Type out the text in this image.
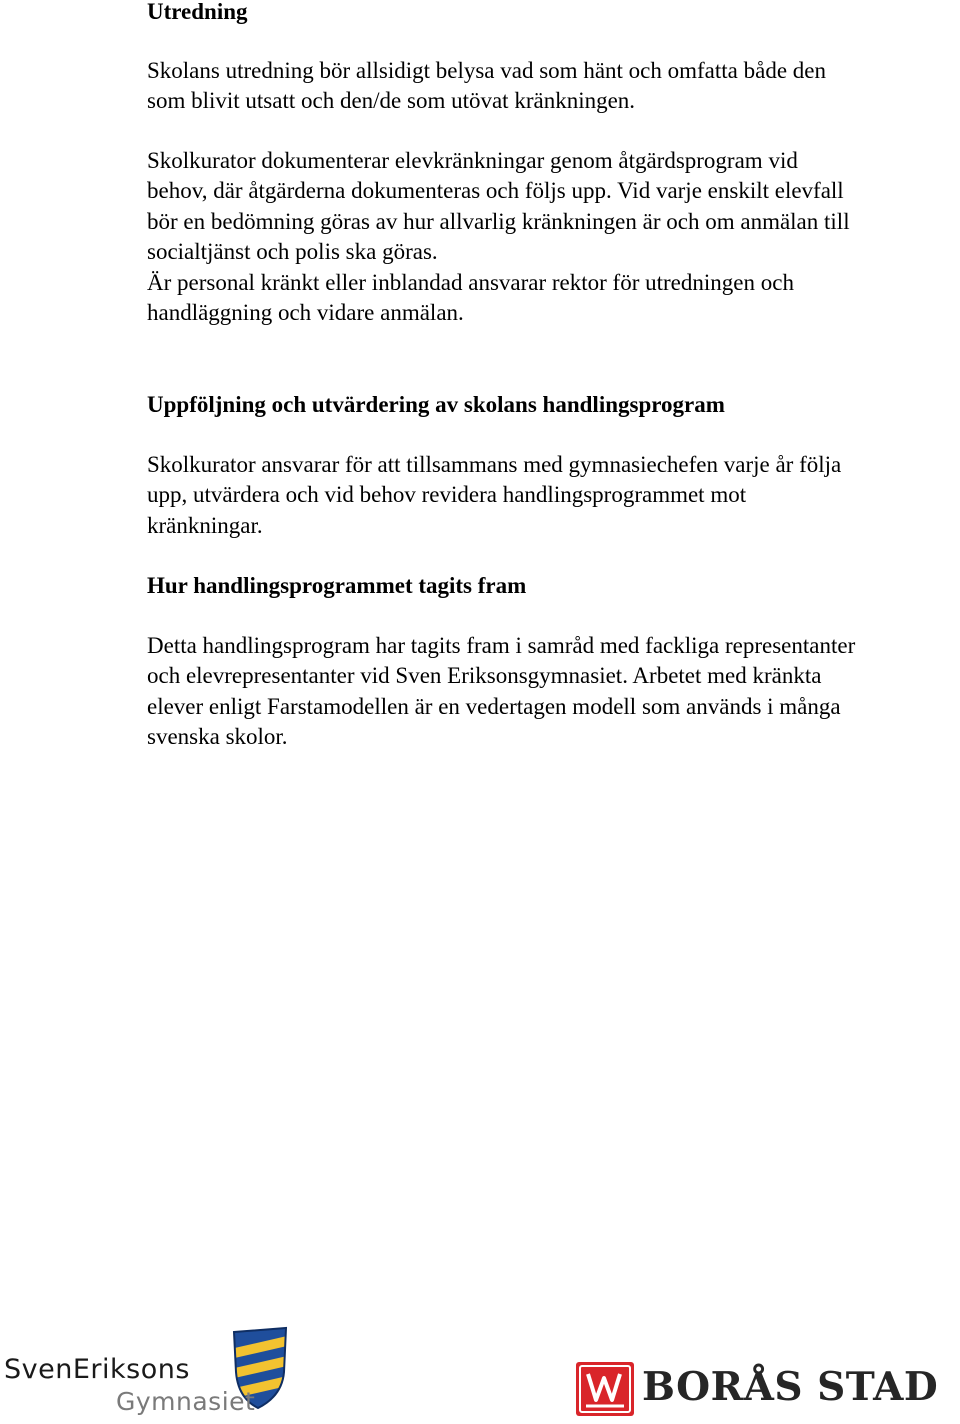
Utredning

Skolans utredning bör allsidigt belysa vad som hänt och omfatta både den
som blivit utsatt och den/de som utövat kränkningen.

Skolkurator dokumenterar elevkränkningar genom åtgärdsprogram vid
behov, där åtgärderna dokumenteras och följs upp. Vid varje enskilt elevfall
bör en bedömning göras av hur allvarlig kränkningen är och om anmälan till
socialtjänst och polis ska göras.
Är personal kränkt eller inblandad ansvarar rektor för utredningen och
handläggning och vidare anmälan.

Uppföljning och utvärdering av skolans handlingsprogram

Skolkurator ansvarar för att tillsammans med gymnasiechefen varje år följa
upp, utvärdera och vid behov revidera handlingsprogrammet mot
kränkningar.

Hur handlingsprogrammet tagits fram

Detta handlingsprogram har tagits fram i samråd med fackliga representanter
och elevrepresentanter vid Sven Eriksonsgymnasiet. Arbetet med kränkta
elever enligt Farstamodellen är en vedertagen modell som används i många
svenska skolor.

SvenEriksons
Gymnasiet	BORÅS STAD
